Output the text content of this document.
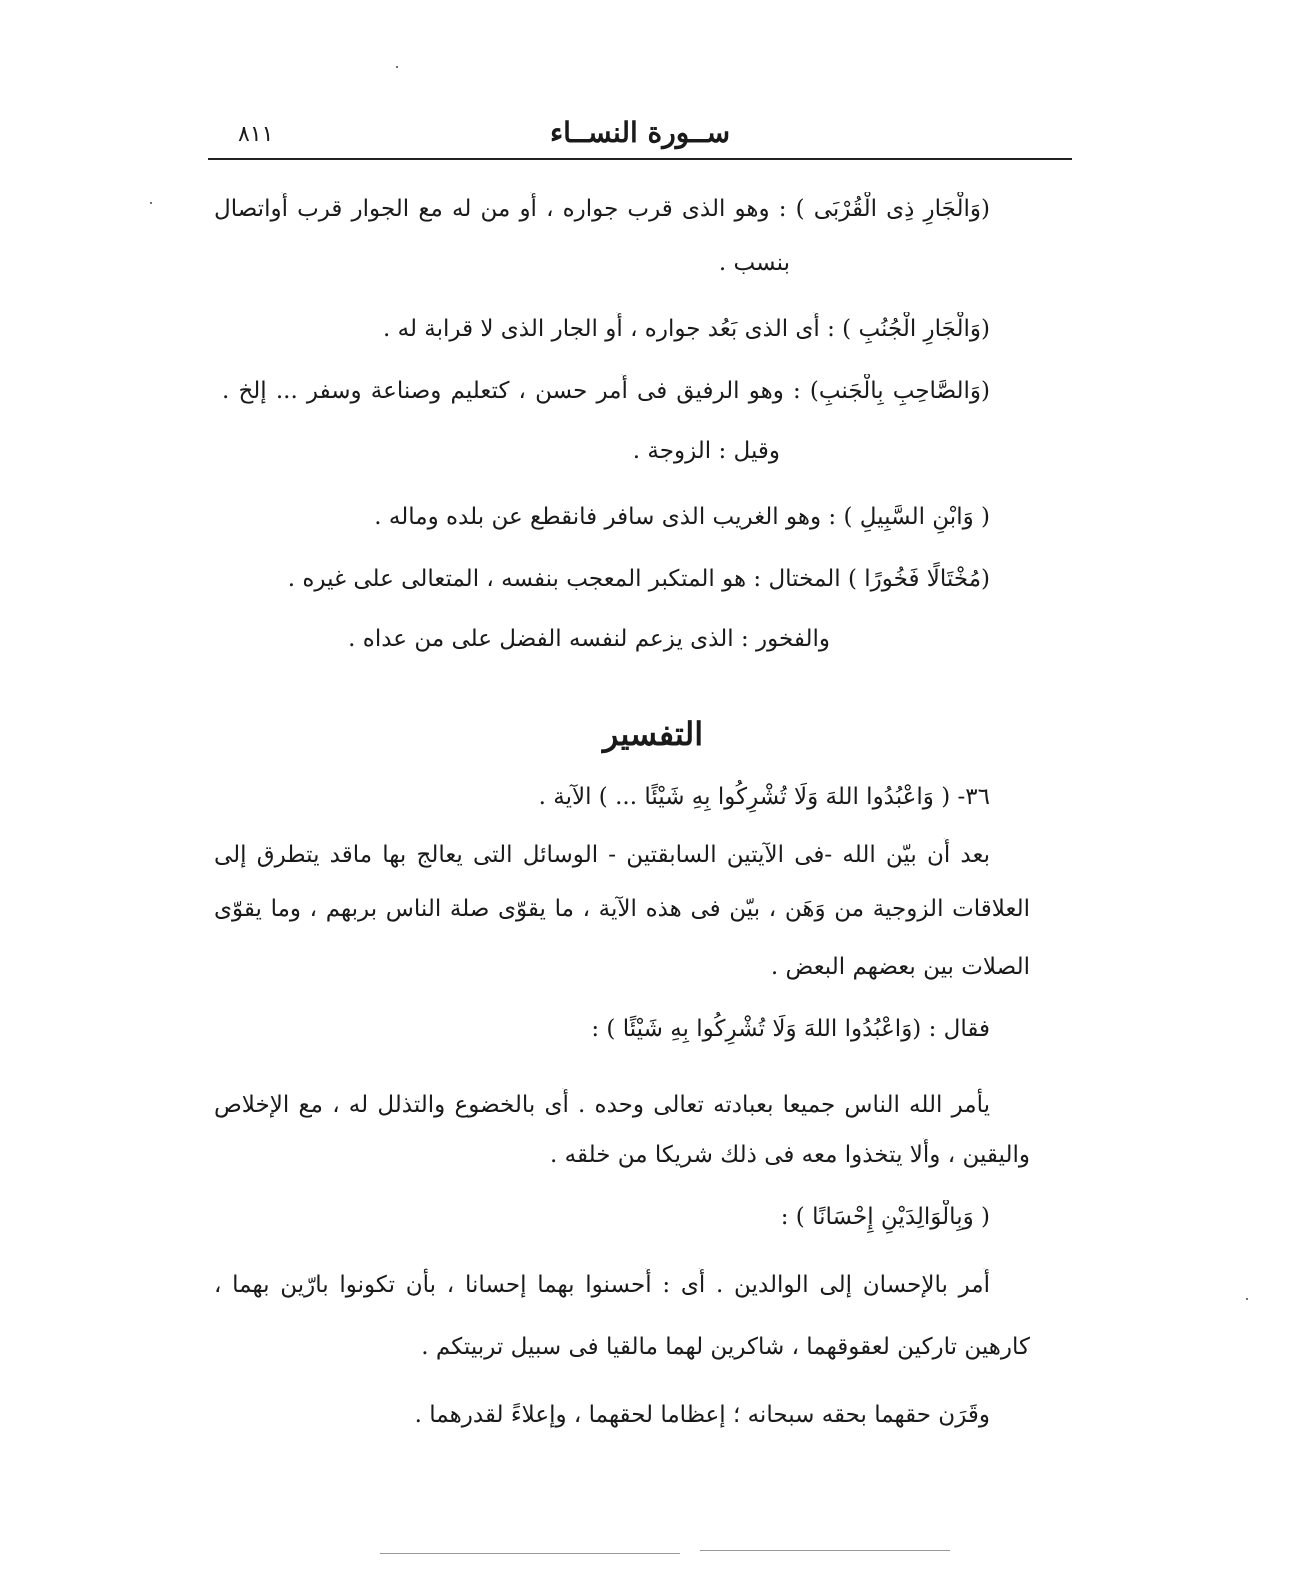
٨١١	ســورة النســاء
(وَالْجَارِ ذِى الْقُرْبَى ) : وهو الذى قرب جواره ، أَو من له مع الجوار قرب أَواتصال
بنسب .
(وَالْجَارِ الْجُنُبِ ) : أَى الذى بَعُد جواره ، أَو الجار الذى لا قرابة له .
(وَالصَّاحِبِ بِالْجَنبِ) : وهو الرفيق فى أَمر حسن ، كتعليم وصناعة وسفر ... إلخ .
وقيل : الزوجة .
( وَابْنِ السَّبِيلِ ) : وهو الغريب الذى سافر فانقطع عن بلده وماله .
(مُخْتَالًا فَخُورًا ) المختال : هو المتكبر المعجب بنفسه ، المتعالى على غيره .
والفخور : الذى يزعم لنفسه الفضل على من عداه .
التفسير
٣٦- ( وَاعْبُدُوا اللهَ وَلَا تُشْرِكُوا بِهِ شَيْئًا ... ) الآية .
بعد أَن بيّن الله -فى الآيتين السابقتين - الوسائل التى يعالج بها ماقد يتطرق إلى
العلاقات الزوجية من وَهَن ، بيّن فى هذه الآية ، ما يقوّى صلة الناس بربهم ، وما يقوّى
الصلات بين بعضهم البعض .
فقال : (وَاعْبُدُوا اللهَ وَلَا تُشْرِكُوا بِهِ شَيْئًا ) :
يأْمر الله الناس جميعا بعبادته تعالى وحده . أَى بالخضوع والتذلل له ، مع الإخلاص
واليقين ، وأَلا يتخذوا معه فى ذلك شريكا من خلقه .
( وَبِالْوَالِدَيْنِ إِحْسَانًا ) :
أَمر بالإحسان إلى الوالدين . أَى : أَحسنوا بهما إحسانا ، بأَن تكونوا بارّين بهما ،
كارهين تاركين لعقوقهما ، شاكرين لهما مالقيا فى سبيل تربيتكم .
وقَرَن حقهما بحقه سبحانه ؛ إعظاما لحقهما ، وإعلاءً لقدرهما .
